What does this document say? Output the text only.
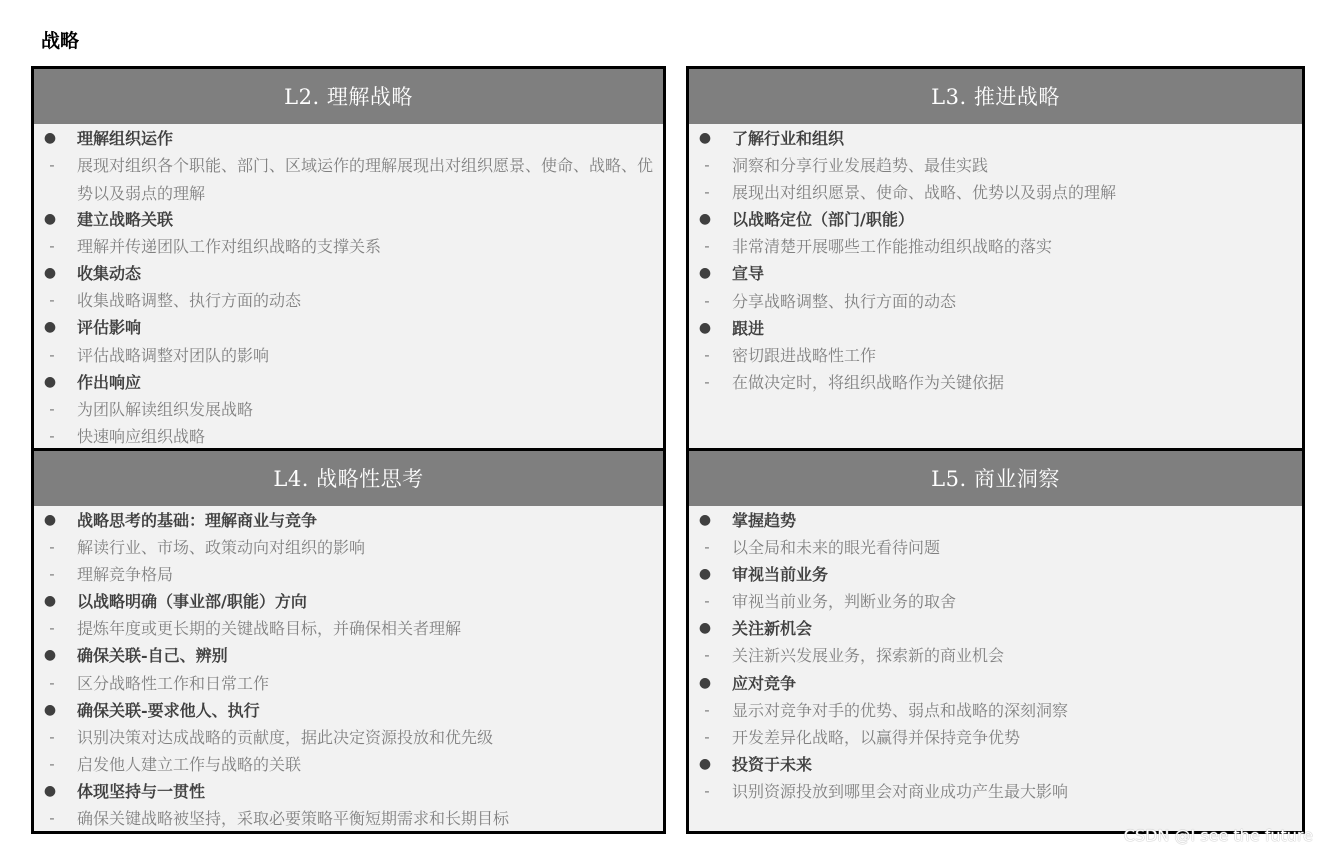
战略
L2. 理解战略
● 理解组织运作
-	展现对组织各个职能、部门、区域运作的理解展现出对组织愿景、使命、战略、优势以及弱点的理解
● 建立战略关联
-	理解并传递团队工作对组织战略的支撑关系
● 收集动态
-	收集战略调整、执行方面的动态
● 评估影响
-	评估战略调整对团队的影响
● 作出响应
-	为团队解读组织发展战略
-	快速响应组织战略
L3. 推进战略
● 了解行业和组织
-	洞察和分享行业发展趋势、最佳实践
-	展现出对组织愿景、使命、战略、优势以及弱点的理解
● 以战略定位（部门/职能）
-	非常清楚开展哪些工作能推动组织战略的落实
● 宣导
-	分享战略调整、执行方面的动态
● 跟进
-	密切跟进战略性工作
-	在做决定时，将组织战略作为关键依据
L4. 战略性思考
● 战略思考的基础：理解商业与竞争
-	解读行业、市场、政策动向对组织的影响
-	理解竞争格局
● 以战略明确（事业部/职能）方向
-	提炼年度或更长期的关键战略目标，并确保相关者理解
● 确保关联-自己、辨别
-	区分战略性工作和日常工作
● 确保关联-要求他人、执行
-	识别决策对达成战略的贡献度，据此决定资源投放和优先级
-	启发他人建立工作与战略的关联
● 体现坚持与一贯性
-	确保关键战略被坚持，采取必要策略平衡短期需求和长期目标
L5. 商业洞察
● 掌握趋势
-	以全局和未来的眼光看待问题
● 审视当前业务
-	审视当前业务，判断业务的取舍
● 关注新机会
-	关注新兴发展业务，探索新的商业机会
● 应对竞争
-	显示对竞争对手的优势、弱点和战略的深刻洞察
-	开发差异化战略，以赢得并保持竞争优势
● 投资于未来
-	识别资源投放到哪里会对商业成功产生最大影响
CSDN @I see the future
